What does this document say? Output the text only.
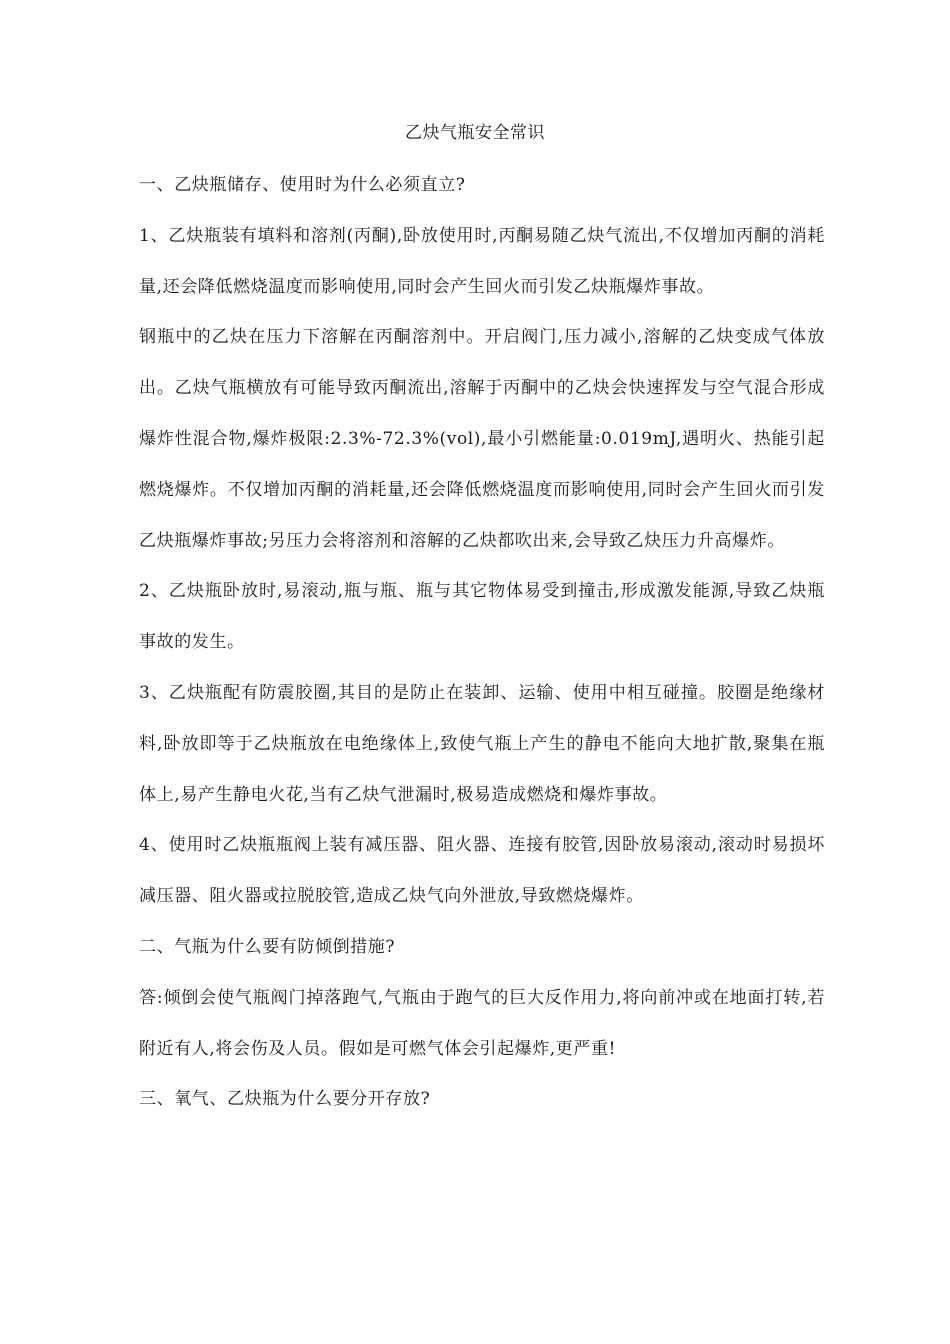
乙炔气瓶安全常识

一、乙炔瓶储存、使用时为什么必须直立?

1、乙炔瓶装有填料和溶剂(丙酮),卧放使用时,丙酮易随乙炔气流出,不仅增加丙酮的消耗量,还会降低燃烧温度而影响使用,同时会产生回火而引发乙炔瓶爆炸事故。

钢瓶中的乙炔在压力下溶解在丙酮溶剂中。开启阀门,压力减小,溶解的乙炔变成气体放出。乙炔气瓶横放有可能导致丙酮流出,溶解于丙酮中的乙炔会快速挥发与空气混合形成爆炸性混合物,爆炸极限:2.3%-72.3%(vol),最小引燃能量:0.019mJ,遇明火、热能引起燃烧爆炸。不仅增加丙酮的消耗量,还会降低燃烧温度而影响使用,同时会产生回火而引发乙炔瓶爆炸事故;另压力会将溶剂和溶解的乙炔都吹出来,会导致乙炔压力升高爆炸。

2、乙炔瓶卧放时,易滚动,瓶与瓶、瓶与其它物体易受到撞击,形成激发能源,导致乙炔瓶事故的发生。

3、乙炔瓶配有防震胶圈,其目的是防止在装卸、运输、使用中相互碰撞。胶圈是绝缘材料,卧放即等于乙炔瓶放在电绝缘体上,致使气瓶上产生的静电不能向大地扩散,聚集在瓶体上,易产生静电火花,当有乙炔气泄漏时,极易造成燃烧和爆炸事故。

4、使用时乙炔瓶瓶阀上装有减压器、阻火器、连接有胶管,因卧放易滚动,滚动时易损坏减压器、阻火器或拉脱胶管,造成乙炔气向外泄放,导致燃烧爆炸。

二、气瓶为什么要有防倾倒措施?

答:倾倒会使气瓶阀门掉落跑气,气瓶由于跑气的巨大反作用力,将向前冲或在地面打转,若附近有人,将会伤及人员。假如是可燃气体会引起爆炸,更严重!

三、氧气、乙炔瓶为什么要分开存放?
